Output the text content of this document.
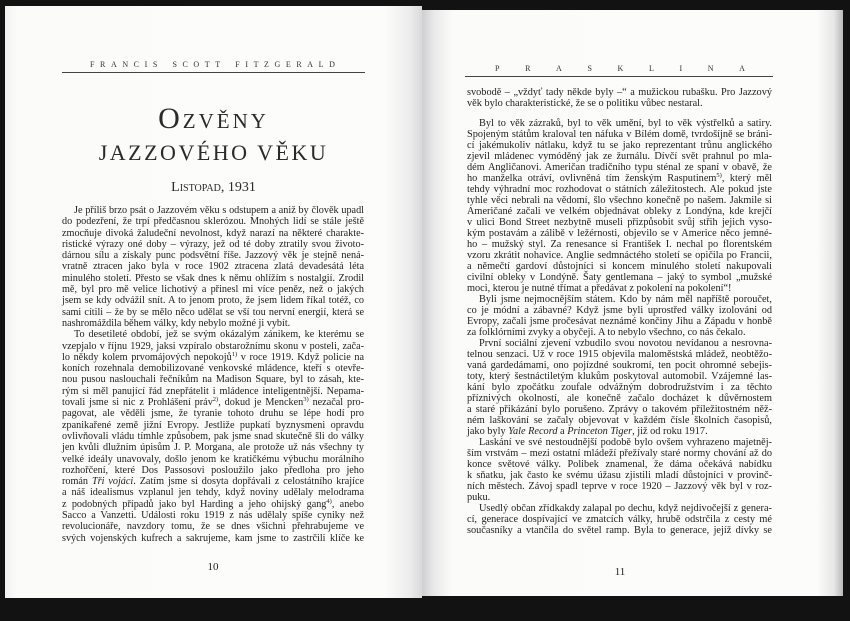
F R A N C I S S C O T T F I T Z G E R A L D
Ozvěny
JAZZOVÉHO VĚKU
Listopad, 1931
Je příliš brzo psát o Jazzovém věku s odstupem a aniž by člověk upadl
do podezření, že trpí předčasnou sklerózou. Mnohých lidí se stále ještě
zmocňuje divoká žaludeční nevolnost, když narazí na některé charakte-
ristické výrazy oné doby – výrazy, jež od té doby ztratily svou životo-
dárnou sílu a získaly punc podsvětní říše. Jazzový věk je stejně nená-
vratně ztracen jako byla v roce 1902 ztracena zlatá devadesátá léta
minulého století. Přesto se však dnes k němu ohlížím s nostalgií. Zrodil
mě, byl pro mě velice lichotivý a přinesl mi více peněz, než o jakých
jsem se kdy odvážil snít. A to jenom proto, že jsem lidem říkal totéž, co
sami cítili – že by se mělo něco udělat se vší tou nervní energií, která se
nashromáždila během války, kdy nebylo možné ji vybít.
To desetileté období, jež se svým okázalým zánikem, ke kterému se
vzepjalo v říjnu 1929, jaksi vzpíralo obstarožnímu skonu v posteli, zača-
lo někdy kolem prvomájových nepokojů$^{1)}$ v roce 1919. Když policie na
koních rozehnala demobilizované venkovské mládence, kteří s otevře-
nou pusou naslouchali řečníkům na Madison Square, byl to zásah, kte-
rým si měl panující řád znepřátelit i mládence inteligentnější. Nepama-
tovali jsme si nic z Prohlášení práv$^{2)}$, dokud je Mencken$^{3)}$ nezačal pro-
pagovat, ale věděli jsme, že tyranie tohoto druhu se lépe hodí pro
zpanikařené země jižní Evropy. Jestliže pupkatí byznysmeni opravdu
ovlivňovali vládu tímhle způsobem, pak jsme snad skutečně šli do války
jen kvůli dlužním úpisům J. P. Morgana, ale protože už nás všechny ty
velké ideály unavovaly, došlo jenom ke kratičkému výbuchu morálního
rozhořčení, které Dos Passosovi posloužilo jako předloha pro jeho
román Tři vojáci. Zatím jsme si dosyta dopřávali z celostátního krajíce
a náš idealismus vzplanul jen tehdy, když noviny udělaly melodrama
z podobných případů jako byl Harding a jeho ohijský gang$^{4)}$, anebo
Sacco a Vanzetti. Události roku 1919 z nás udělaly spíše cyniky než
revolucionáře, navzdory tomu, že se dnes všichni přehrabujeme ve
svých vojenských kufrech a sakrujeme, kam jsme to zastrčili klíče ke
10
P	R	A	S	K	L	I	N	A
svobodě – „vždyť tady někde byly –“ a mužickou rubašku. Pro Jazzový
věk bylo charakteristické, že se o politiku vůbec nestaral.
Byl to věk zázraků, byl to věk umění, byl to věk výstřelků a satiry.
Spojeným státům kraloval ten náfuka v Bílém domě, tvrdošíjně se bráni-
cí jakémukoliv nátlaku, když tu se jako reprezentant trůnu anglického
zjevil mládenec vymóděný jak ze žurnálu. Dívčí svět prahnul po mla-
dém Angličanovi. Američan tradičního typu sténal ze spaní v obavě, že
ho manželka otráví, ovlivněná tím ženským Rasputinem$^{5)}$, který měl
tehdy výhradní moc rozhodovat o státních záležitostech. Ale pokud jste
tyhle věci nebrali na vědomí, šlo všechno konečně po našem. Jakmile si
Američané začali ve velkém objednávat obleky z Londýna, kde krejčí
v ulici Bond Street nezbytně museli přizpůsobit svůj střih jejich vyso-
kým postavám a zálibě v ležérnosti, objevilo se v Americe něco jemné-
ho – mužský styl. Za renesance si František I. nechal po florentském
vzoru zkrátit nohavice. Anglie sedmnáctého století se opičila po Francii,
a němečtí gardoví důstojníci si koncem minulého století nakupovali
civilní obleky v Londýně. Šaty gentlemana – jaký to symbol „mužské
moci, kterou je nutné třímat a předávat z pokolení na pokolení“!
Byli jsme nejmocnějším státem. Kdo by nám měl napříště poroučet,
co je módní a zábavné? Když jsme byli uprostřed války izolováni od
Evropy, začali jsme pročesávat neznámé končiny Jihu a Západu v honbě
za folklórními zvyky a obyčeji. A to nebylo všechno, co nás čekalo.
První sociální zjevení vzbudilo svou novotou nevídanou a nesrovna-
telnou senzaci. Už v roce 1915 objevila maloměstská mládež, neobtěžo-
vaná gardedámami, ono pojízdné soukromí, ten pocit ohromné sebejis-
toty, který šestnáctiletým klukům poskytoval automobil. Vzájemné las-
kání bylo zpočátku zoufale odvážným dobrodružstvím i za těchto
příznivých okolností, ale konečně začalo docházet k důvěrnostem
a staré přikázání bylo porušeno. Zprávy o takovém příležitostném něž-
ném laškování se začaly objevovat v každém čísle školních časopisů,
jako byly Yale Record a Princeton Tiger, již od roku 1917.
Laskání ve své nestoudnější podobě bylo ovšem vyhrazeno majetněj-
ším vrstvám – mezi ostatní mládeží přežívaly staré normy chování až do
konce světové války. Polibek znamenal, že dáma očekává nabídku
k sňatku, jak často ke svému úžasu zjistili mladí důstojníci v provinč-
ních městech. Závoj spadl teprve v roce 1920 – Jazzový věk byl v roz-
puku.
Usedlý občan zřídkakdy zalapal po dechu, když nejdivočejší z genera-
cí, generace dospívající ve zmatcích války, hrubě odstrčila z cesty mé
současníky a vtančila do světel ramp. Byla to generace, jejíž dívky se
11
